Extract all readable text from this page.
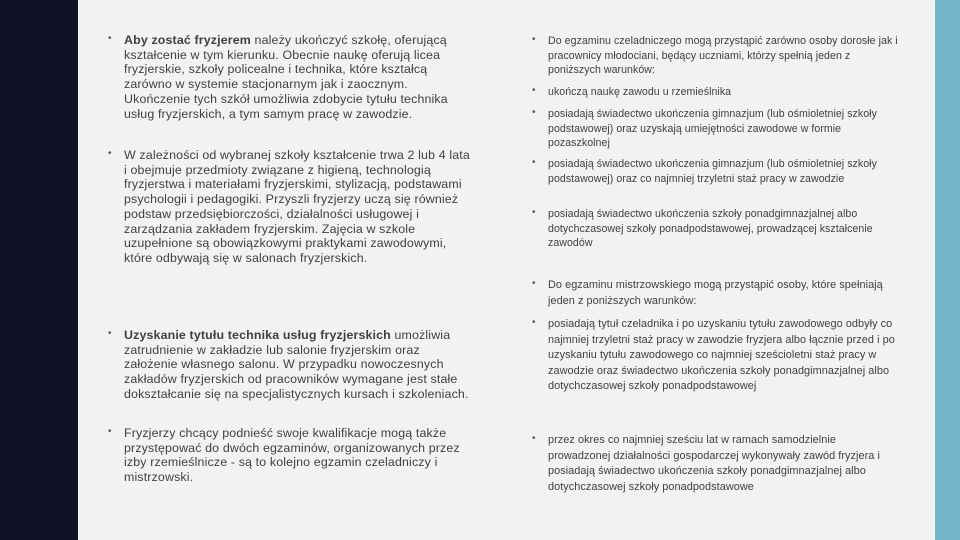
• Aby zostać fryzjerem należy ukończyć szkołę, oferującą kształcenie w tym kierunku. Obecnie naukę oferują licea fryzjerskie, szkoły policealne i technika, które kształcą zarówno w systemie stacjonarnym jak i zaocznym. Ukończenie tych szkół umożliwia zdobycie tytułu technika usług fryzjerskich, a tym samym pracę w zawodzie.
• W zależności od wybranej szkoły kształcenie trwa 2 lub 4 lata i obejmuje przedmioty związane z higieną, technologią fryzjerstwa i materiałami fryzjerskimi, stylizacją, podstawami psychologii i pedagogiki. Przyszli fryzjerzy uczą się również podstaw przedsiębiorczości, działalności usługowej i zarządzania zakładem fryzjerskim. Zajęcia w szkole uzupełnione są obowiązkowymi praktykami zawodowymi, które odbywają się w salonach fryzjerskich.
• Uzyskanie tytułu technika usług fryzjerskich umożliwia zatrudnienie w zakładzie lub salonie fryzjerskim oraz założenie własnego salonu. W przypadku nowoczesnych zakładów fryzjerskich od pracowników wymagane jest stałe dokształcanie się na specjalistycznych kursach i szkoleniach.
• Fryzjerzy chcący podnieść swoje kwalifikacje mogą także przystępować do dwóch egzaminów, organizowanych przez izby rzemieślnicze - są to kolejno egzamin czeladniczy i mistrzowski.
• Do egzaminu czeladniczego mogą przystąpić zarówno osoby dorosłe jak i pracownicy młodociani, będący uczniami, którzy spełnią jeden z poniższych warunków:
• ukończą naukę zawodu u rzemieślnika
• posiadają świadectwo ukończenia gimnazjum (lub ośmioletniej szkoły podstawowej) oraz uzyskają umiejętności zawodowe w formie pozaszkolnej
• posiadają świadectwo ukończenia gimnazjum (lub ośmioletniej szkoły podstawowej) oraz co najmniej trzyletni staż pracy w zawodzie
• posiadają świadectwo ukończenia szkoły ponadgimnazjalnej albo dotychczasowej szkoły ponadpodstawowej, prowadzącej kształcenie zawodów
• Do egzaminu mistrzowskiego mogą przystąpić osoby, które spełniają jeden z poniższych warunków:
• posiadają tytuł czeladnika i po uzyskaniu tytułu zawodowego odbyły co najmniej trzyletni staż pracy w zawodzie fryzjera albo łącznie przed i po uzyskaniu tytułu zawodowego co najmniej sześcioletni staż pracy w zawodzie oraz świadectwo ukończenia szkoły ponadgimnazjalnej albo dotychczasowej szkoły ponadpodstawowej
• przez okres co najmniej sześciu lat w ramach samodzielnie prowadzonej działalności gospodarczej wykonywały zawód fryzjera i posiadają świadectwo ukończenia szkoły ponadgimnazjalnej albo dotychczasowej szkoły ponadpodstawowe
